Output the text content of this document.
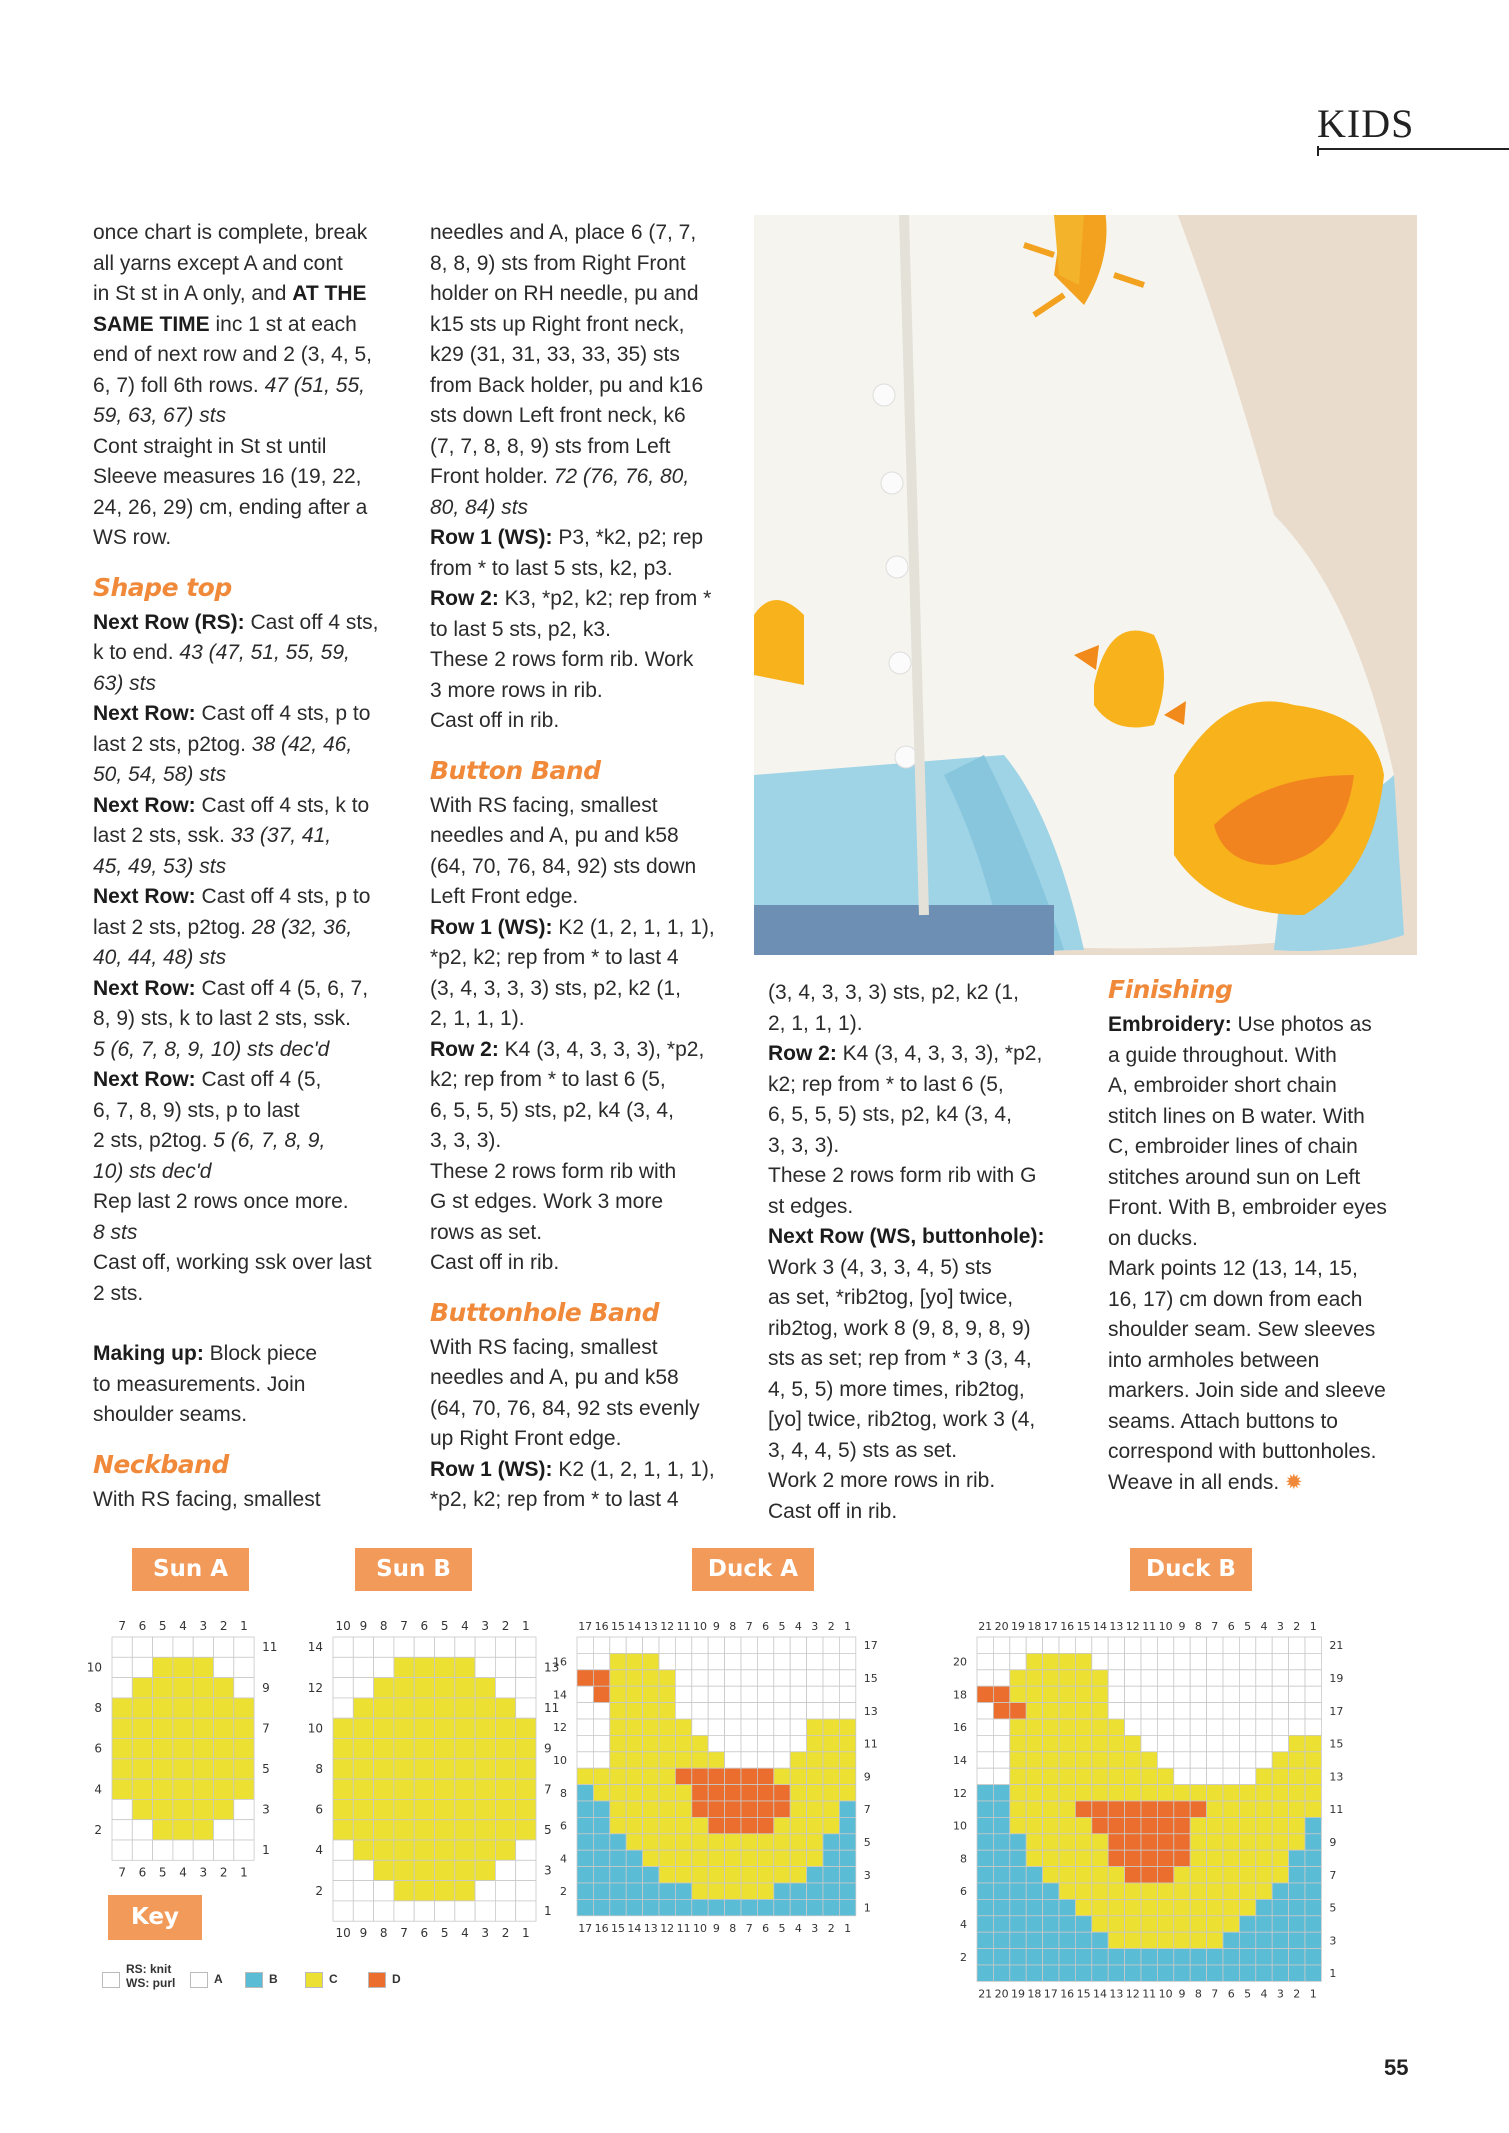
KIDS

once chart is complete, break

all yarns except A and cont

in St st in A only, and AT THE

SAME TIME inc 1 st at each

end of next row and 2 (3, 4, 5,

6, 7) foll 6th rows. 47 (51, 55,

59, 63, 67) sts

Cont straight in St st until

Sleeve measures 16 (19, 22,

24, 26, 29) cm, ending after a

WS row.

Shape top

Next Row (RS): Cast off 4 sts,

k to end. 43 (47, 51, 55, 59,

63) sts

Next Row: Cast off 4 sts, p to

last 2 sts, p2tog. 38 (42, 46,

50, 54, 58) sts

Next Row: Cast off 4 sts, k to

last 2 sts, ssk. 33 (37, 41,

45, 49, 53) sts

Next Row: Cast off 4 sts, p to

last 2 sts, p2tog. 28 (32, 36,

40, 44, 48) sts

Next Row: Cast off 4 (5, 6, 7,

8, 9) sts, k to last 2 sts, ssk.

5 (6, 7, 8, 9, 10) sts dec'd

Next Row: Cast off 4 (5,

6, 7, 8, 9) sts, p to last

2 sts, p2tog. 5 (6, 7, 8, 9,

10) sts dec'd

Rep last 2 rows once more.

8 sts

Cast off, working ssk over last

2 sts.

Making up: Block piece

to measurements. Join

shoulder seams.

Neckband

With RS facing, smallest

needles and A, place 6 (7, 7,

8, 8, 9) sts from Right Front

holder on RH needle, pu and

k15 sts up Right front neck,

k29 (31, 31, 33, 33, 35) sts

from Back holder, pu and k16

sts down Left front neck, k6

(7, 7, 8, 8, 9) sts from Left

Front holder. 72 (76, 76, 80,

80, 84) sts

Row 1 (WS): P3, *k2, p2; rep

from * to last 5 sts, k2, p3.

Row 2: K3, *p2, k2; rep from *

to last 5 sts, p2, k3.

These 2 rows form rib. Work

3 more rows in rib.

Cast off in rib.

Button Band

With RS facing, smallest

needles and A, pu and k58

(64, 70, 76, 84, 92) sts down

Left Front edge.

Row 1 (WS): K2 (1, 2, 1, 1, 1),

*p2, k2; rep from * to last 4

(3, 4, 3, 3, 3) sts, p2, k2 (1,

2, 1, 1, 1).

Row 2: K4 (3, 4, 3, 3, 3), *p2,

k2; rep from * to last 6 (5,

6, 5, 5, 5) sts, p2, k4 (3, 4,

3, 3, 3).

These 2 rows form rib with

G st edges. Work 3 more

rows as set.

Cast off in rib.

Buttonhole Band

With RS facing, smallest

needles and A, pu and k58

(64, 70, 76, 84, 92 sts evenly

up Right Front edge.

Row 1 (WS): K2 (1, 2, 1, 1, 1),

*p2, k2; rep from * to last 4

(3, 4, 3, 3, 3) sts, p2, k2 (1,

2, 1, 1, 1).

Row 2: K4 (3, 4, 3, 3, 3), *p2,

k2; rep from * to last 6 (5,

6, 5, 5, 5) sts, p2, k4 (3, 4,

3, 3, 3).

These 2 rows form rib with G

st edges.

Next Row (WS, buttonhole):

Work 3 (4, 3, 3, 4, 5) sts

as set, *rib2tog, [yo] twice,

rib2tog, work 8 (9, 8, 9, 8, 9)

sts as set; rep from * 3 (3, 4,

4, 5, 5) more times, rib2tog,

[yo] twice, rib2tog, work 3 (4,

3, 4, 4, 5) sts as set.

Work 2 more rows in rib.

Cast off in rib.

Finishing

Embroidery: Use photos as

a guide throughout. With

A, embroider short chain

stitch lines on B water. With

C, embroider lines of chain

stitches around sun on Left

Front. With B, embroider eyes

on ducks.

Mark points 12 (13, 14, 15,

16, 17) cm down from each

shoulder seam. Sew sleeves

into armholes between

markers. Join side and sleeve

seams. Attach buttons to

correspond with buttonholes.

Weave in all ends. ✹

Sun A	Sun B	Duck A	Duck B
7
7
6
6
5
5
4
4
3
3
2
2
1
1
11
10
9
8
7
6
5
4
3
2
1
10
10
9
9
8
8
7
7
6
6
5
5
4
4
3
3
2
2
1
1
14
13
12
11
10
9
8
7
6
5
4
3
2
1
17
17
16
16
15
15
14
14
13
13
12
12
11
11
10
10
9
9
8
8
7
7
6
6
5
5
4
4
3
3
2
2
1
1
17
16
15
14
13
12
11
10
9
8
7
6
5
4
3
2
1
21
21
20
20
19
19
18
18
17
17
16
16
15
15
14
14
13
13
12
12
11
11
10
10
9
9
8
8
7
7
6
6
5
5
4
4
3
3
2
2
1
1
21
20
19
18
17
16
15
14
13
12
11
10
9
8
7
6
5
4
3
2
1
Key
RS: knit
WS: purl	A	B	C	D
55
